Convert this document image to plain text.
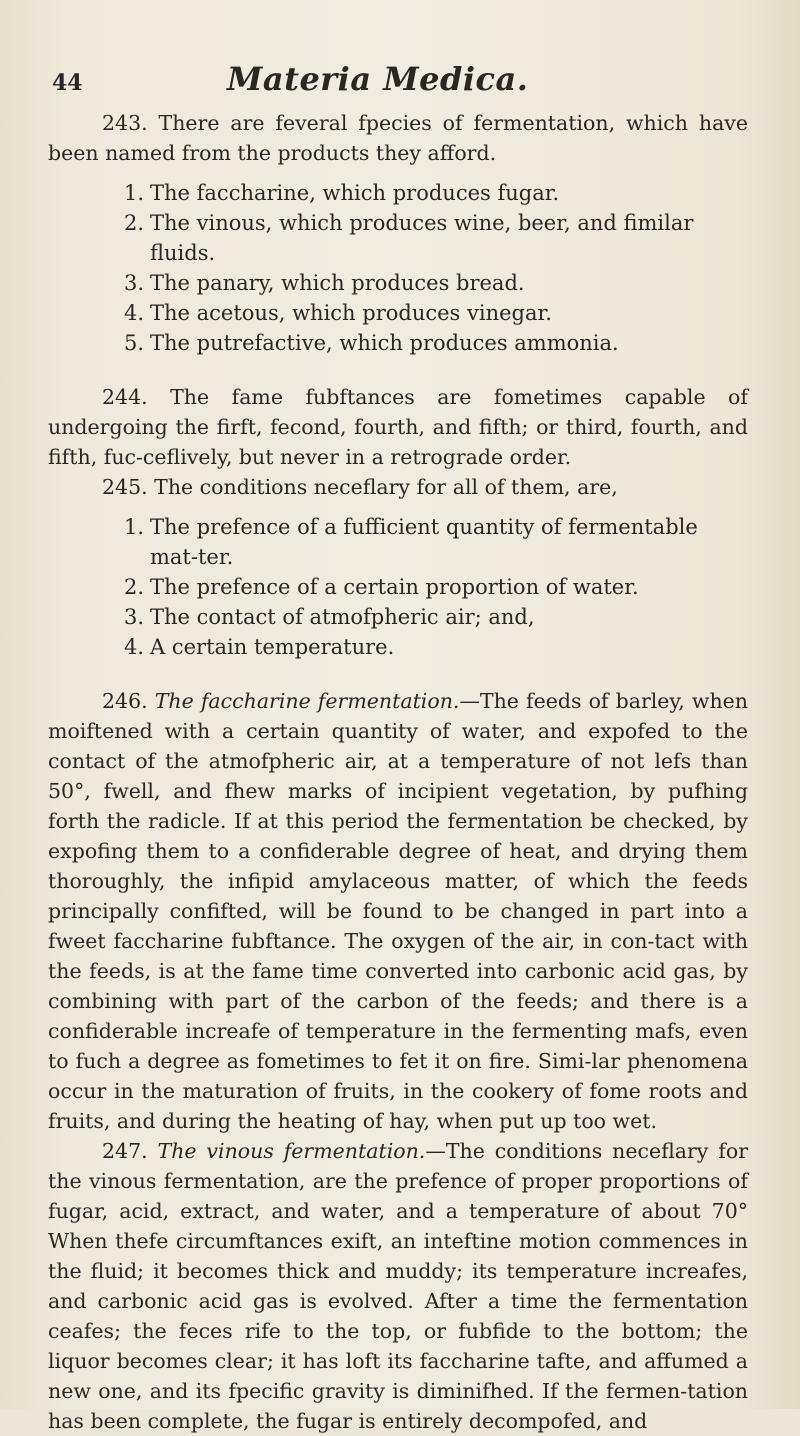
44	Materia Medica.

243. There are feveral fpecies of fermentation, which have been named from the products they afford.

1. The faccharine, which produces fugar.
2. The vinous, which produces wine, beer, and fimilar fluids.
3. The panary, which produces bread.
4. The acetous, which produces vinegar.
5. The putrefactive, which produces ammonia.

244. The fame fubftances are fometimes capable of undergoing the firft, fecond, fourth, and fifth; or third, fourth, and fifth, fuc-ceflively, but never in a retrograde order.

245. The conditions neceflary for all of them, are,

1. The prefence of a fufficient quantity of fermentable mat-ter.
2. The prefence of a certain proportion of water.
3. The contact of atmofpheric air; and,
4. A certain temperature.

246. The faccharine fermentation.—The feeds of barley, when moiftened with a certain quantity of water, and expofed to the contact of the atmofpheric air, at a temperature of not lefs than 50°, fwell, and fhew marks of incipient vegetation, by pufhing forth the radicle. If at this period the fermentation be checked, by expofing them to a confiderable degree of heat, and drying them thoroughly, the infipid amylaceous matter, of which the feeds principally confifted, will be found to be changed in part into a fweet faccharine fubftance. The oxygen of the air, in con-tact with the feeds, is at the fame time converted into carbonic acid gas, by combining with part of the carbon of the feeds; and there is a confiderable increafe of temperature in the fermenting mafs, even to fuch a degree as fometimes to fet it on fire. Simi-lar phenomena occur in the maturation of fruits, in the cookery of fome roots and fruits, and during the heating of hay, when put up too wet.

247. The vinous fermentation.—The conditions neceflary for the vinous fermentation, are the prefence of proper proportions of fugar, acid, extract, and water, and a temperature of about 70° When thefe circumftances exift, an inteftine motion commences in the fluid; it becomes thick and muddy; its temperature increafes, and carbonic acid gas is evolved. After a time the fermentation ceafes; the feces rife to the top, or fubfide to the bottom; the liquor becomes clear; it has loft its faccharine tafte, and affumed a new one, and its fpecific gravity is diminifhed. If the fermen-tation has been complete, the fugar is entirely decompofed, and
